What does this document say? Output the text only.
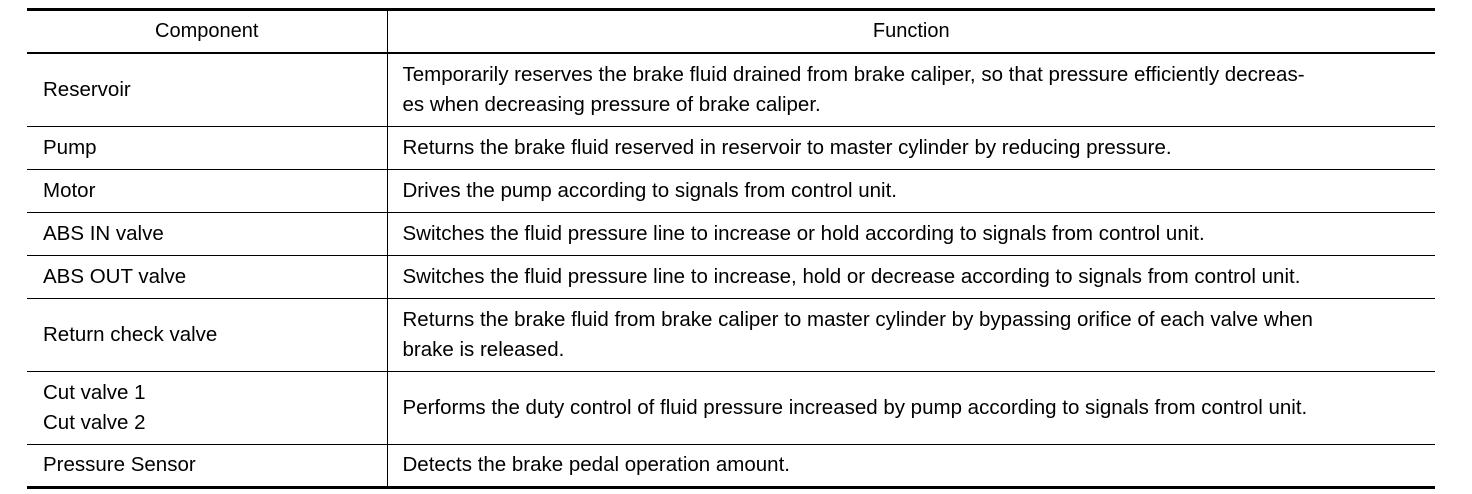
Component	Function

Reservoir	Temporarily reserves the brake fluid drained from brake caliper, so that pressure efficiently decreas-
es when decreasing pressure of brake caliper.

Pump	Returns the brake fluid reserved in reservoir to master cylinder by reducing pressure.

Motor	Drives the pump according to signals from control unit.

ABS IN valve	Switches the fluid pressure line to increase or hold according to signals from control unit.

ABS OUT valve	Switches the fluid pressure line to increase, hold or decrease according to signals from control unit.

Return check valve	Returns the brake fluid from brake caliper to master cylinder by bypassing orifice of each valve when
brake is released.

Cut valve 1
Cut valve 2	Performs the duty control of fluid pressure increased by pump according to signals from control unit.

Pressure Sensor	Detects the brake pedal operation amount.
